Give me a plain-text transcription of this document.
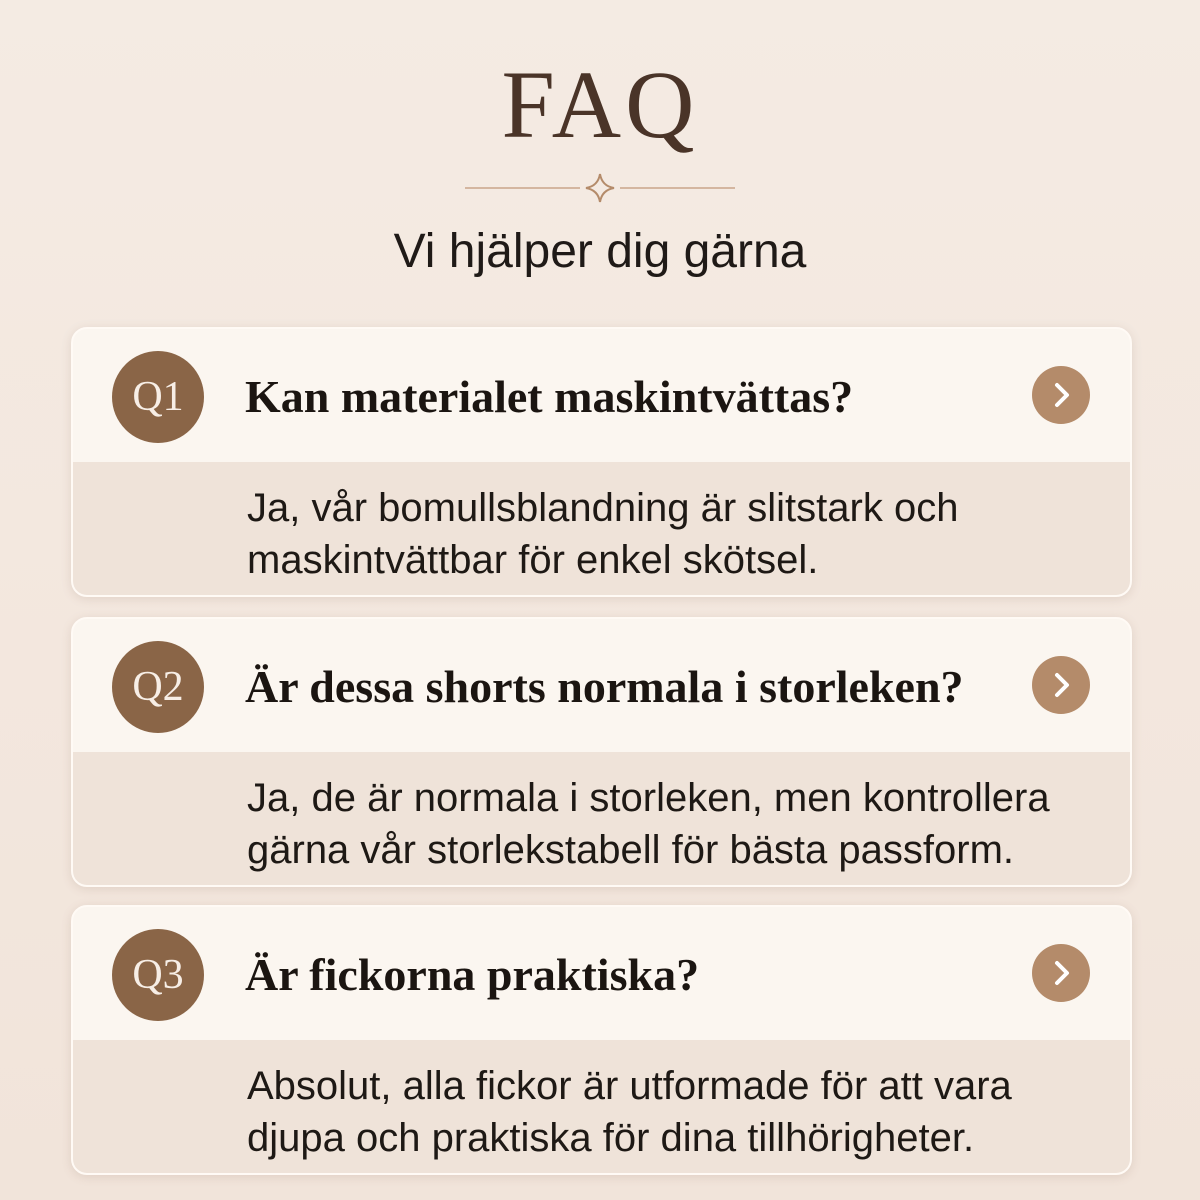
FAQ
Vi hjälper dig gärna
Q1	Kan materialet maskintvättas?
Ja, vår bomullsblandning är slitstark och maskintvättbar för enkel skötsel.
Q2	Är dessa shorts normala i storleken?
Ja, de är normala i storleken, men kontrollera gärna vår storlekstabell för bästa passform.
Q3	Är fickorna praktiska?
Absolut, alla fickor är utformade för att vara djupa och praktiska för dina tillhörigheter.
